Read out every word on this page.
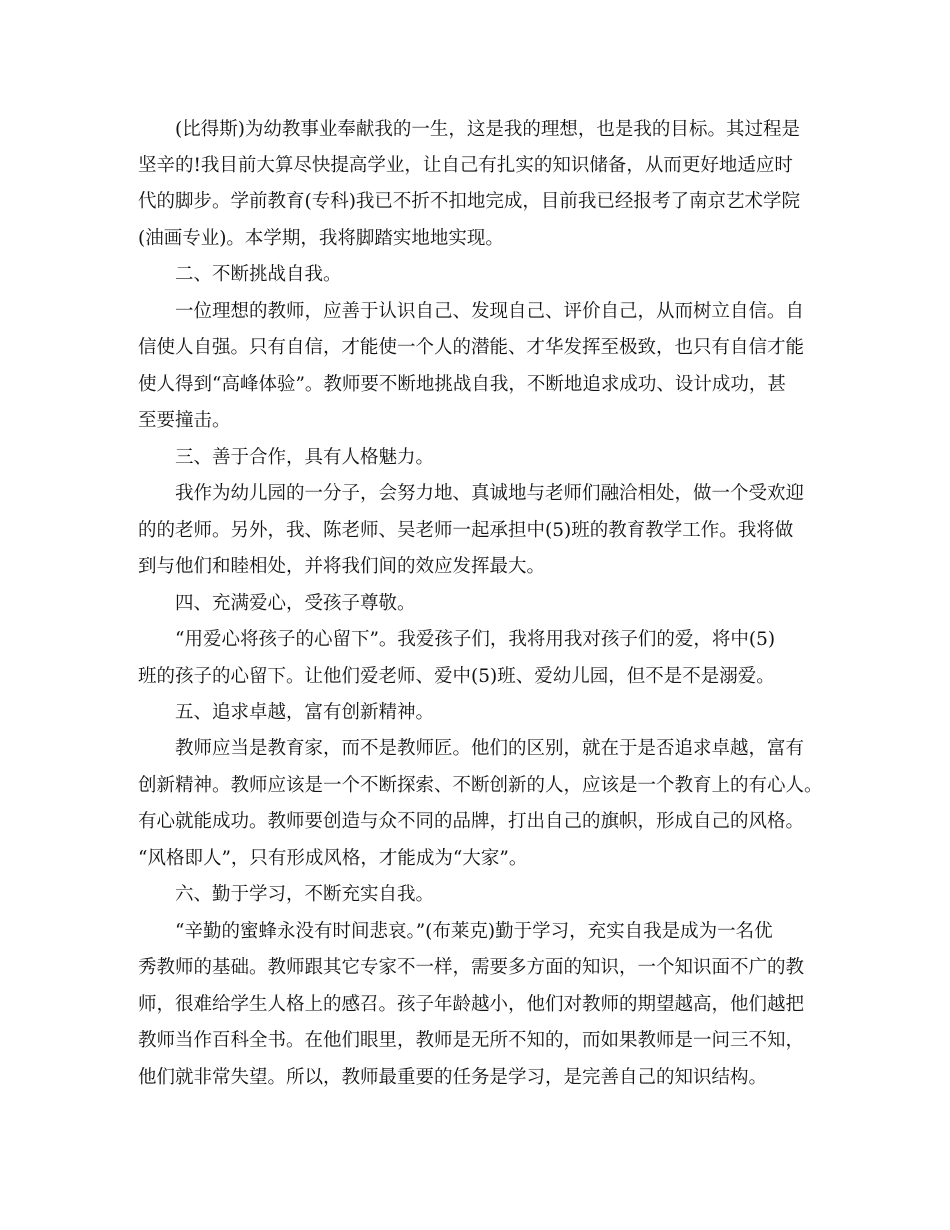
(比得斯)为幼教事业奉献我的一生，这是我的理想，也是我的目标。其过程是

坚辛的!我目前大算尽快提高学业，让自己有扎实的知识储备，从而更好地适应时

代的脚步。学前教育(专科)我已不折不扣地完成，目前我已经报考了南京艺术学院

(油画专业)。本学期，我将脚踏实地地实现。

二、不断挑战自我。

一位理想的教师，应善于认识自己、发现自己、评价自己，从而树立自信。自

信使人自强。只有自信，才能使一个人的潜能、才华发挥至极致，也只有自信才能

使人得到“高峰体验”。教师要不断地挑战自我，不断地追求成功、设计成功，甚

至要撞击。

三、善于合作，具有人格魅力。

我作为幼儿园的一分子，会努力地、真诚地与老师们融洽相处，做一个受欢迎

的的老师。另外，我、陈老师、吴老师一起承担中(5)班的教育教学工作。我将做

到与他们和睦相处，并将我们间的效应发挥最大。

四、充满爱心，受孩子尊敬。

“用爱心将孩子的心留下”。我爱孩子们，我将用我对孩子们的爱，将中(5)

班的孩子的心留下。让他们爱老师、爱中(5)班、爱幼儿园，但不是不是溺爱。

五、追求卓越，富有创新精神。

教师应当是教育家，而不是教师匠。他们的区别，就在于是否追求卓越，富有

创新精神。教师应该是一个不断探索、不断创新的人，应该是一个教育上的有心人。

有心就能成功。教师要创造与众不同的品牌，打出自己的旗帜，形成自己的风格。

“风格即人”，只有形成风格，才能成为“大家”。

六、勤于学习，不断充实自我。

“辛勤的蜜蜂永没有时间悲哀。”(布莱克)勤于学习，充实自我是成为一名优

秀教师的基础。教师跟其它专家不一样，需要多方面的知识，一个知识面不广的教

师，很难给学生人格上的感召。孩子年龄越小，他们对教师的期望越高，他们越把

教师当作百科全书。在他们眼里，教师是无所不知的，而如果教师是一问三不知，

他们就非常失望。所以，教师最重要的任务是学习，是完善自己的知识结构。
